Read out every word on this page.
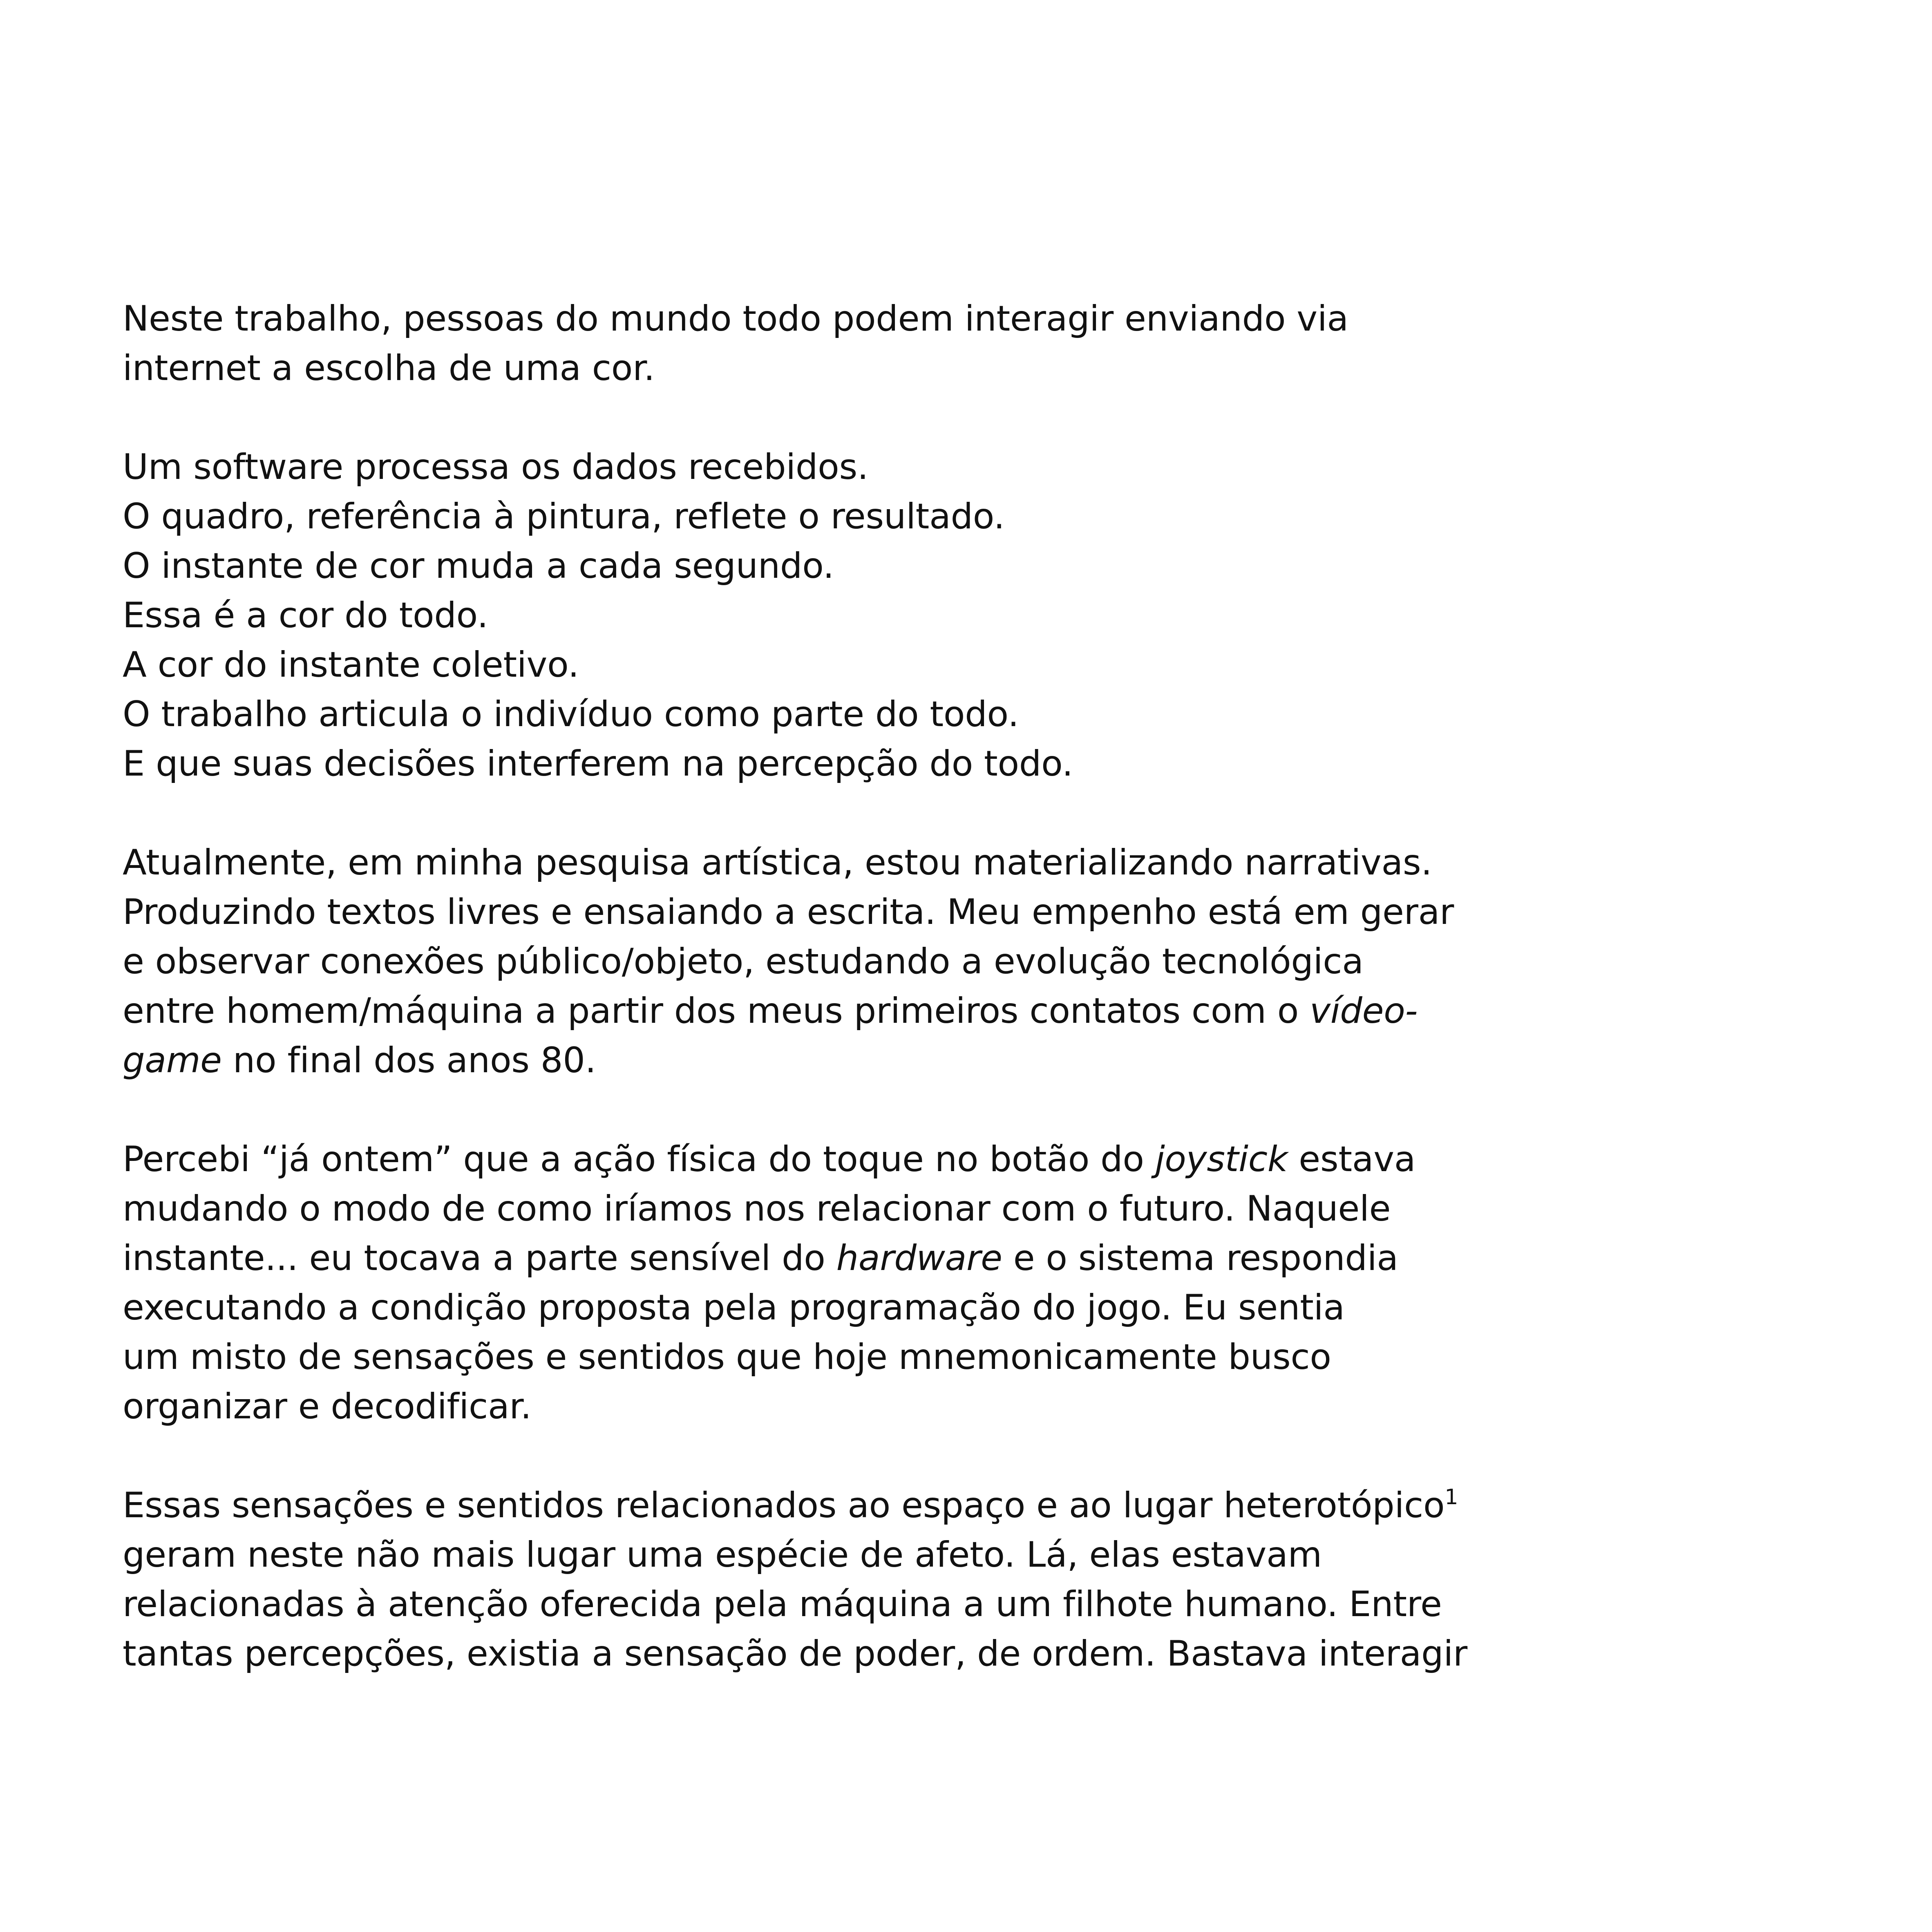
Neste trabalho, pessoas do mundo todo podem interagir enviando via
internet a escolha de uma cor.
Um software processa os dados recebidos.
O quadro, referência à pintura, reflete o resultado.
O instante de cor muda a cada segundo.
Essa é a cor do todo.
A cor do instante coletivo.
O trabalho articula o indivíduo como parte do todo.
E que suas decisões interferem na percepção do todo.
Atualmente, em minha pesquisa artística, estou materializando narrativas.
Produzindo textos livres e ensaiando a escrita. Meu empenho está em gerar
e observar conexões público/objeto, estudando a evolução tecnológica
entre homem/máquina a partir dos meus primeiros contatos com o vídeo-
game no final dos anos 80.
Percebi “já ontem” que a ação física do toque no botão do joystick estava
mudando o modo de como iríamos nos relacionar com o futuro. Naquele
instante... eu tocava a parte sensível do hardware e o sistema respondia
executando a condição proposta pela programação do jogo. Eu sentia
um misto de sensações e sentidos que hoje mnemonicamente busco
organizar e decodificar.
Essas sensações e sentidos relacionados ao espaço e ao lugar heterotópico$^1$
geram neste não mais lugar uma espécie de afeto. Lá, elas estavam
relacionadas à atenção oferecida pela máquina a um filhote humano. Entre
tantas percepções, existia a sensação de poder, de ordem. Bastava interagir
